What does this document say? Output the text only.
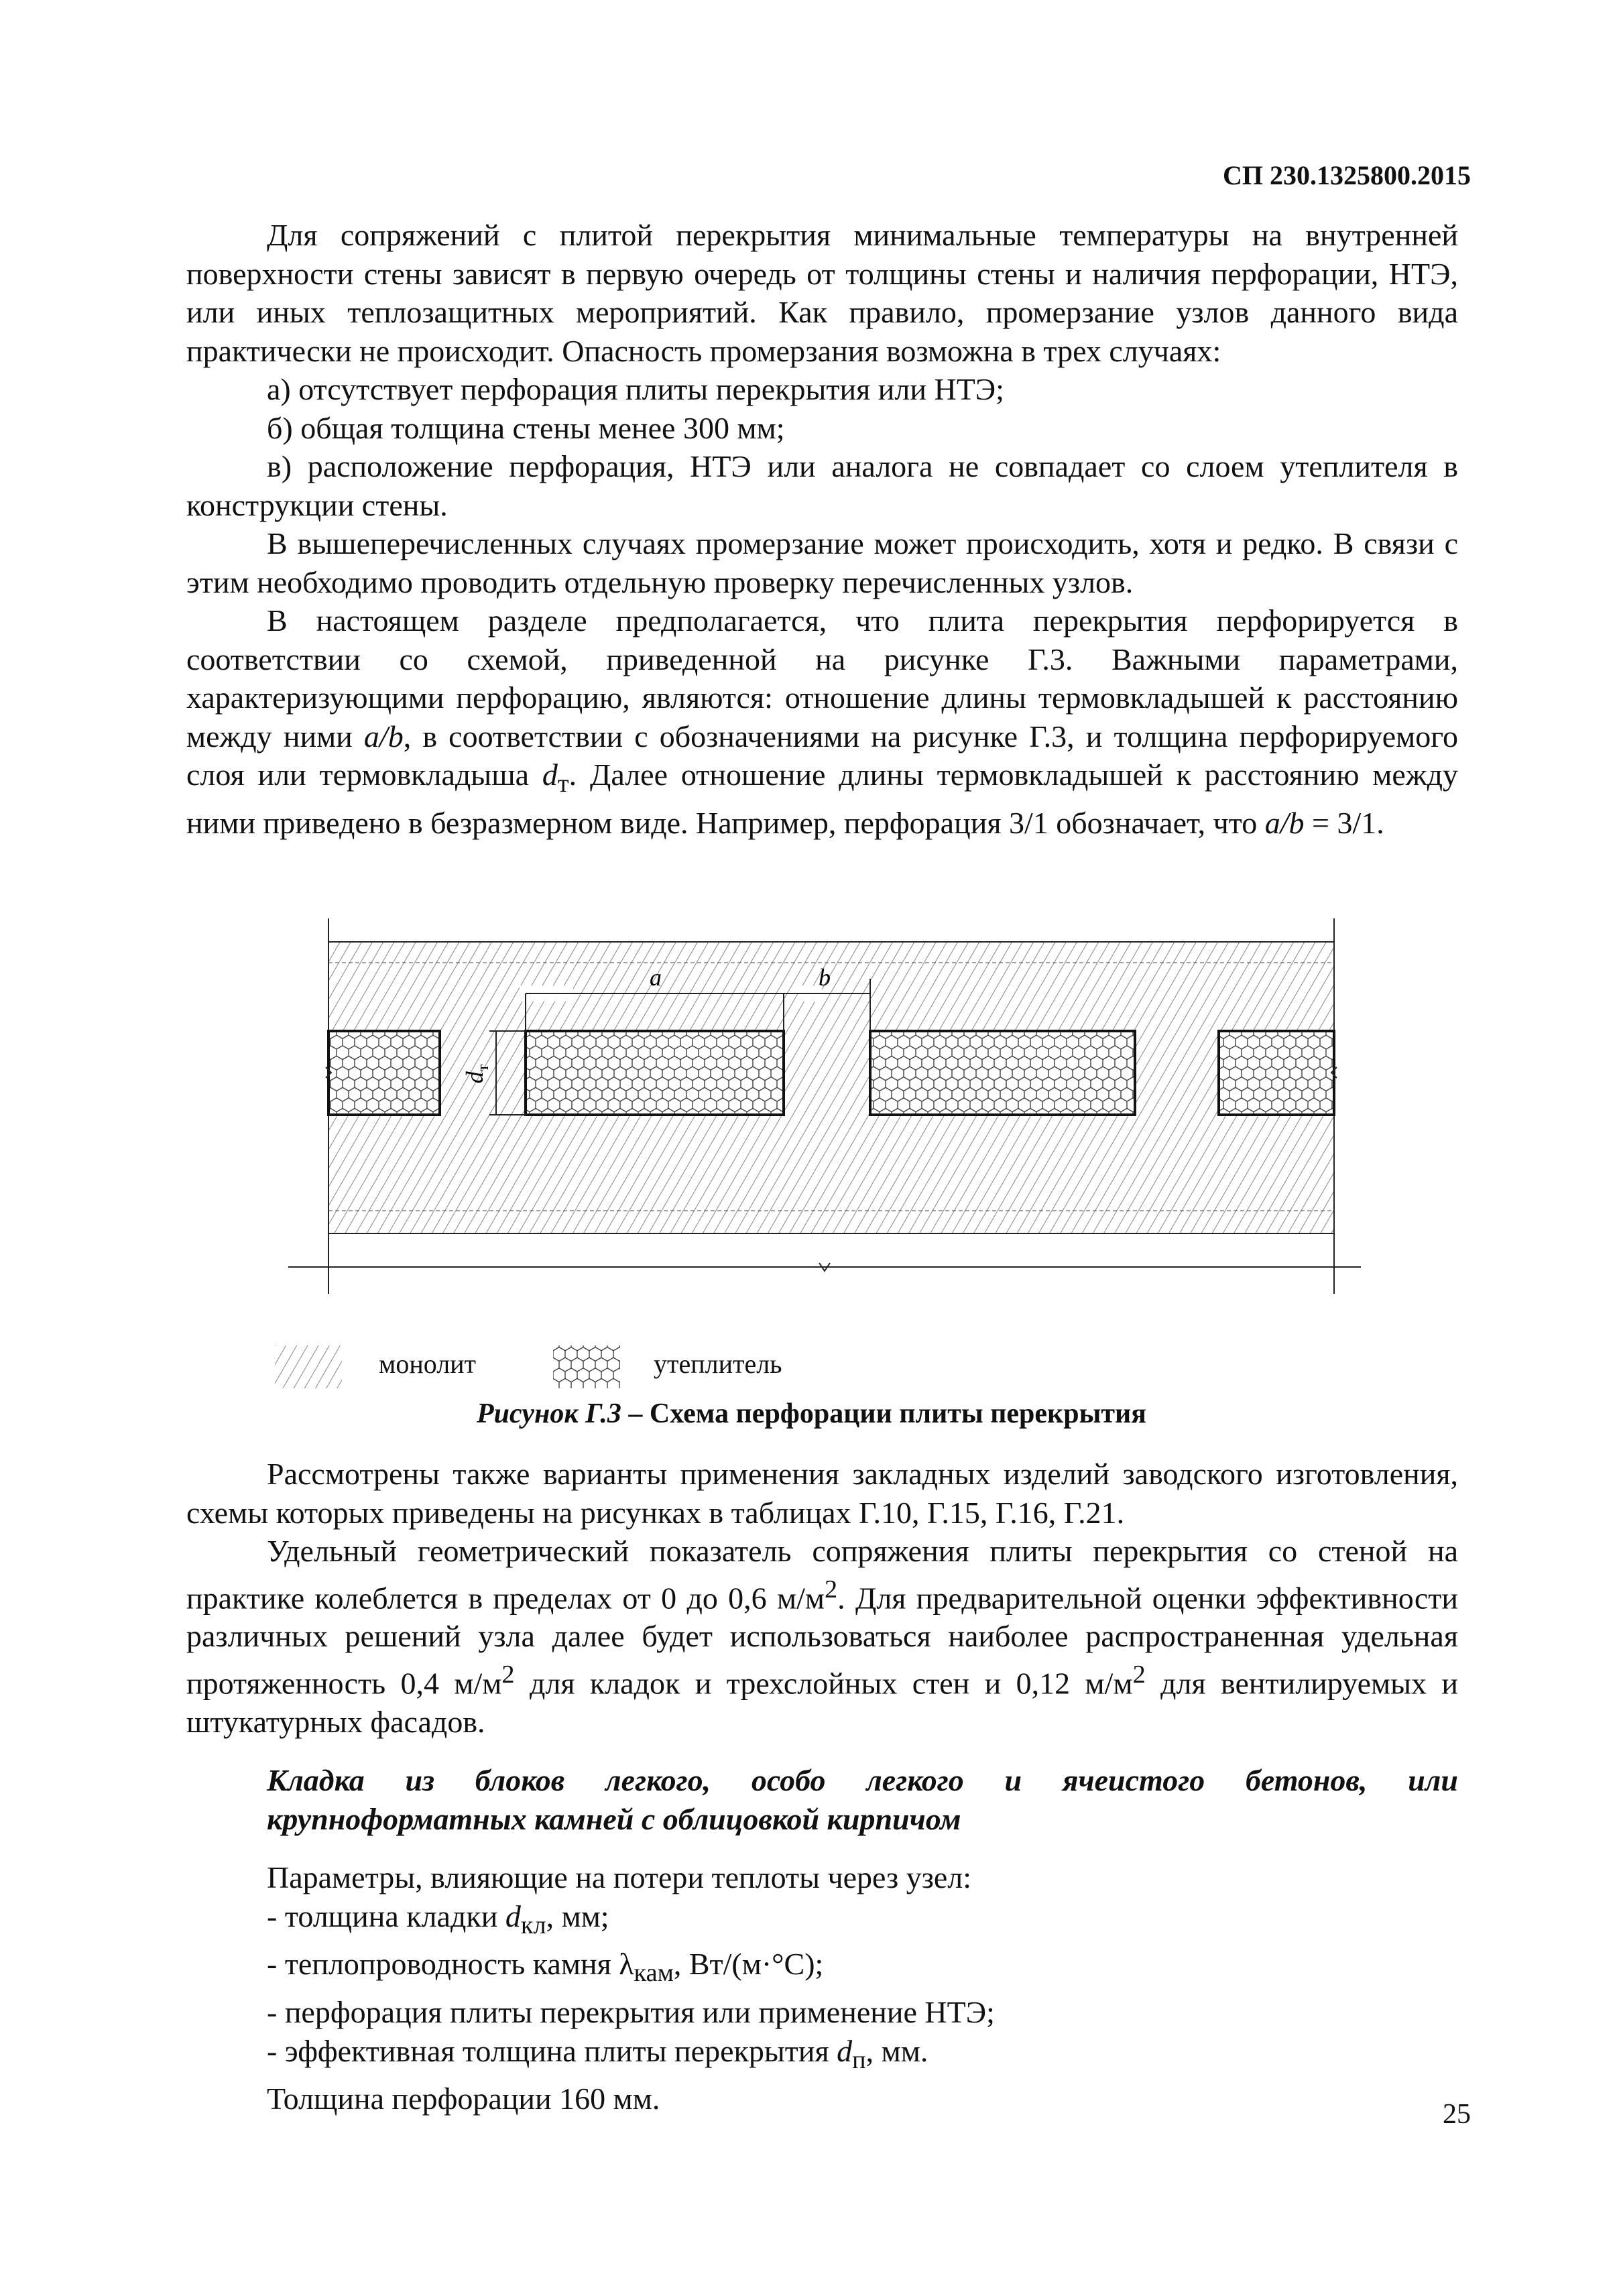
СП 230.1325800.2015

Для сопряжений с плитой перекрытия минимальные температуры на внутренней поверхности стены зависят в первую очередь от толщины стены и наличия перфорации, НТЭ, или иных теплозащитных мероприятий. Как правило, промерзание узлов данного вида практически не происходит. Опасность промерзания возможна в трех случаях:

а) отсутствует перфорация плиты перекрытия или НТЭ;

б) общая толщина стены менее 300 мм;

в) расположение перфорация, НТЭ или аналога не совпадает со слоем утеплителя в конструкции стены.

В вышеперечисленных случаях промерзание может происходить, хотя и редко. В связи с этим необходимо проводить отдельную проверку перечисленных узлов.

В настоящем разделе предполагается, что плита перекрытия перфорируется в соответствии со схемой, приведенной на рисунке Г.3. Важными параметрами, характеризующими перфорацию, являются: отношение длины термовкладышей к расстоянию между ними a/b, в соответствии с обозначениями на рисунке Г.3, и толщина перфорируемого слоя или термовкладыша $d_т$. Далее отношение длины термовкладышей к расстоянию между ними приведено в безразмерном виде. Например, перфорация 3/1 обозначает, что a/b = 3/1.

a	b
$d_т$
монолит	утеплитель
Рисунок Г.3 – Схема перфорации плиты перекрытия

Рассмотрены также варианты применения закладных изделий заводского изготовления, схемы которых приведены на рисунках в таблицах Г.10, Г.15, Г.16, Г.21.

Удельный геометрический показатель сопряжения плиты перекрытия со стеной на практике колеблется в пределах от 0 до 0,6 $м/м^2$. Для предварительной оценки эффективности различных решений узла далее будет использоваться наиболее распространенная удельная протяженность 0,4 $м/м^2$ для кладок и трехслойных стен и 0,12 $м/м^2$ для вентилируемых и штукатурных фасадов.

Кладка из блоков легкого, особо легкого и ячеистого бетонов, или

крупноформатных камней с облицовкой кирпичом

Параметры, влияющие на потери теплоты через узел:

- толщина кладки $d_{кл}$, мм;

- теплопроводность камня $\lambda_{кам}$, Вт/(м·°С);

- перфорация плиты перекрытия или применение НТЭ;

- эффективная толщина плиты перекрытия $d_п$, мм.

Толщина перфорации 160 мм.	25
